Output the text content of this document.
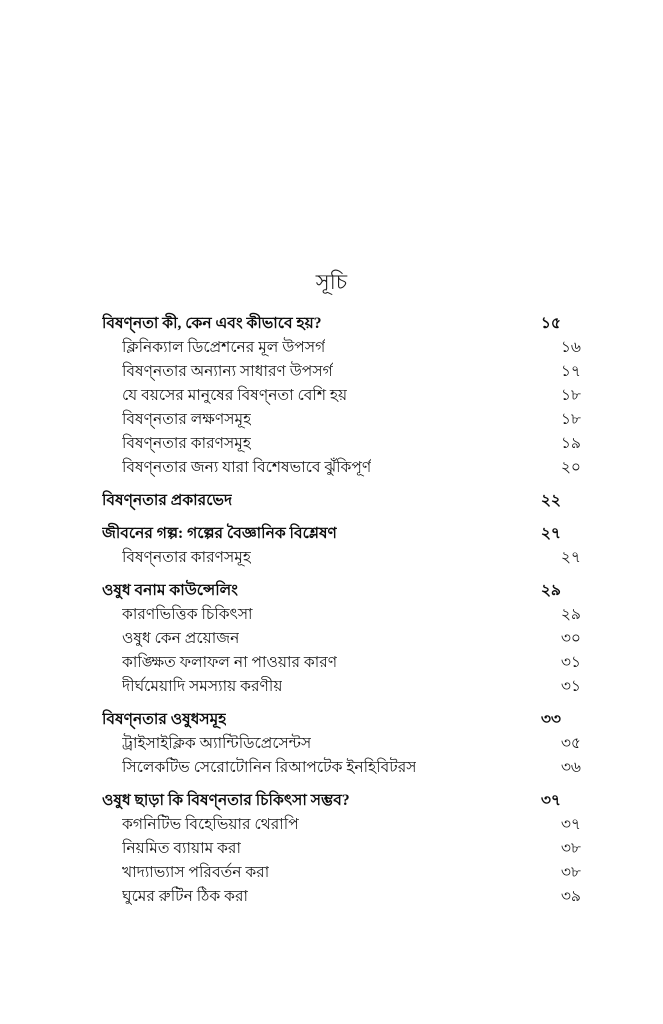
সূচি
বিষণ্নতা কী, কেন এবং কীভাবে হয়?	১৫
ক্লিনিক্যাল ডিপ্রেশনের মূল উপসর্গ	১৬
বিষণ্নতার অন্যান্য সাধারণ উপসর্গ	১৭
যে বয়সের মানুষের বিষণ্নতা বেশি হয়	১৮
বিষণ্নতার লক্ষণসমূহ	১৮
বিষণ্নতার কারণসমূহ	১৯
বিষণ্নতার জন্য যারা বিশেষভাবে ঝুঁকিপূর্ণ	২০
বিষণ্নতার প্রকারভেদ	২২
জীবনের গল্প: গল্পের বৈজ্ঞানিক বিশ্লেষণ	২৭
বিষণ্নতার কারণসমূহ	২৭
ওষুধ বনাম কাউন্সেলিং	২৯
কারণভিত্তিক চিকিৎসা	২৯
ওষুধ কেন প্রয়োজন	৩০
কাঙ্ক্ষিত ফলাফল না পাওয়ার কারণ	৩১
দীর্ঘমেয়াদি সমস্যায় করণীয়	৩১
বিষণ্নতার ওষুধসমূহ	৩৩
ট্রাইসাইক্লিক অ্যান্টিডিপ্রেসেন্টস	৩৫
সিলেকটিভ সেরোটোনিন রিআপটেক ইনহিবিটরস	৩৬
ওষুধ ছাড়া কি বিষণ্নতার চিকিৎসা সম্ভব?	৩৭
কগনিটিভ বিহেভিয়ার থেরাপি	৩৭
নিয়মিত ব্যায়াম করা	৩৮
খাদ্যাভ্যাস পরিবর্তন করা	৩৮
ঘুমের রুটিন ঠিক করা	৩৯
